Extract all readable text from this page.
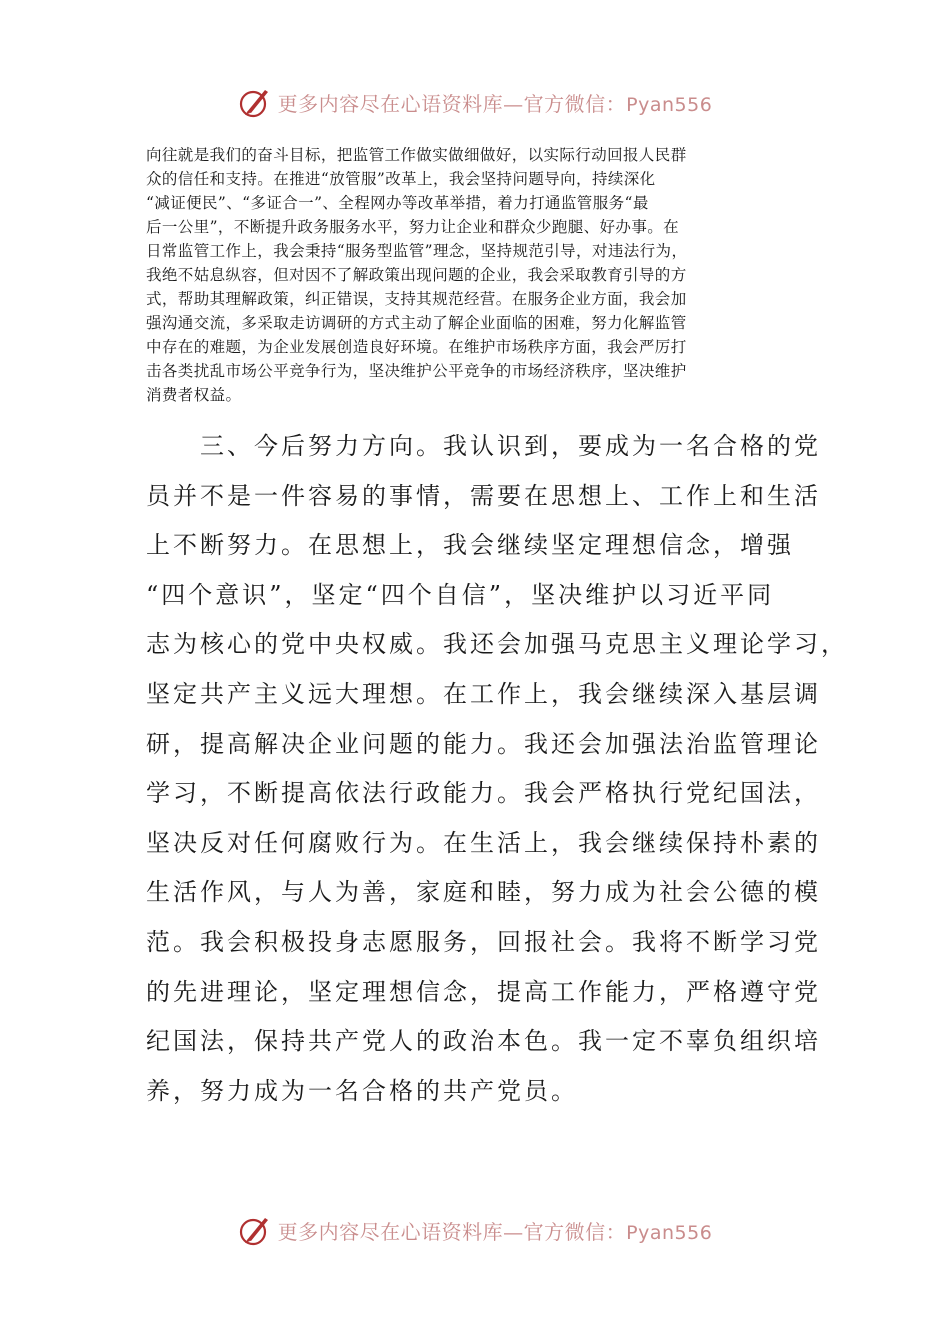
更多内容尽在心语资料库—官方微信：Pyan556

向往就是我们的奋斗目标，把监管工作做实做细做好，以实际行动回报人民群

众的信任和支持。在推进“放管服”改革上，我会坚持问题导向，持续深化

“减证便民”、“多证合一”、全程网办等改革举措，着力打通监管服务“最

后一公里”，不断提升政务服务水平，努力让企业和群众少跑腿、好办事。在

日常监管工作上，我会秉持“服务型监管”理念，坚持规范引导，对违法行为，

我绝不姑息纵容，但对因不了解政策出现问题的企业，我会采取教育引导的方

式，帮助其理解政策，纠正错误，支持其规范经营。在服务企业方面，我会加

强沟通交流，多采取走访调研的方式主动了解企业面临的困难，努力化解监管

中存在的难题，为企业发展创造良好环境。在维护市场秩序方面，我会严厉打

击各类扰乱市场公平竞争行为，坚决维护公平竞争的市场经济秩序，坚决维护

消费者权益。

　　三、今后努力方向。我认识到，要成为一名合格的党

员并不是一件容易的事情，需要在思想上、工作上和生活

上不断努力。在思想上，我会继续坚定理想信念，增强

“四个意识”，坚定“四个自信”，坚决维护以习近平同

志为核心的党中央权威。我还会加强马克思主义理论学习，

坚定共产主义远大理想。在工作上，我会继续深入基层调

研，提高解决企业问题的能力。我还会加强法治监管理论

学习，不断提高依法行政能力。我会严格执行党纪国法，

坚决反对任何腐败行为。在生活上，我会继续保持朴素的

生活作风，与人为善，家庭和睦，努力成为社会公德的模

范。我会积极投身志愿服务，回报社会。我将不断学习党

的先进理论，坚定理想信念，提高工作能力，严格遵守党

纪国法，保持共产党人的政治本色。我一定不辜负组织培

养，努力成为一名合格的共产党员。

更多内容尽在心语资料库—官方微信：Pyan556
